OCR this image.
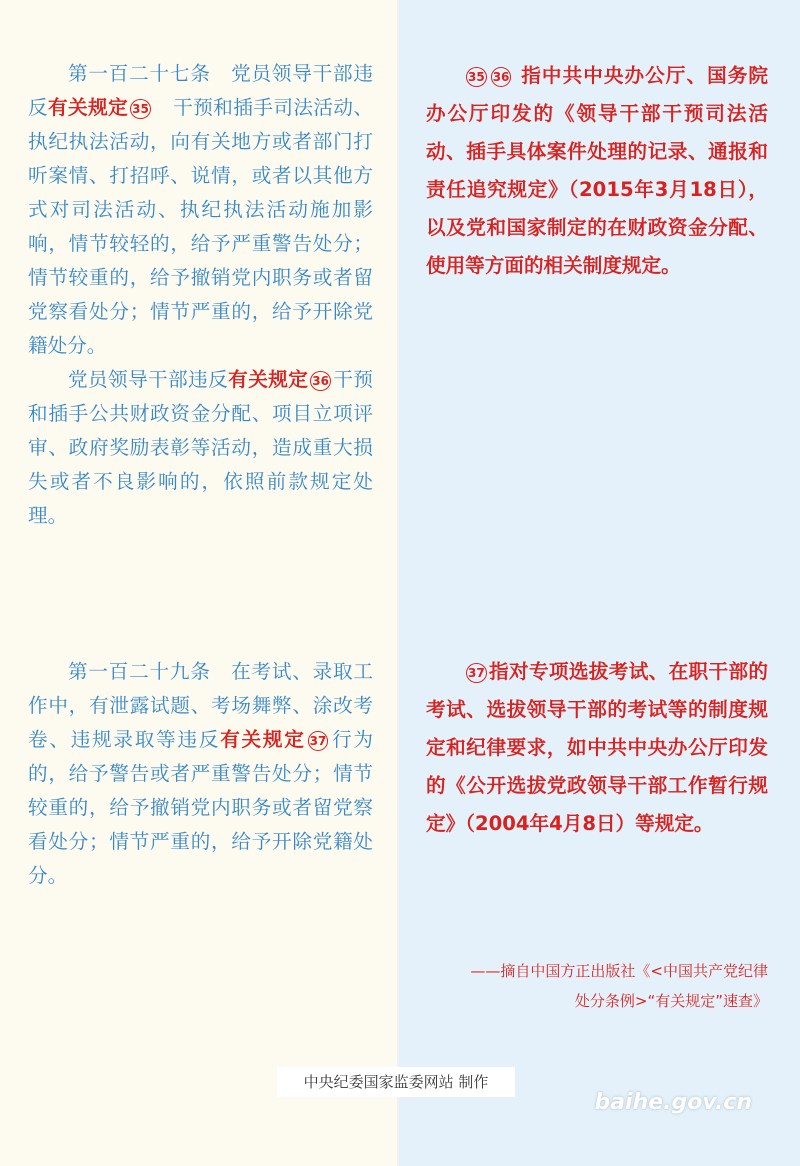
第一百二十七条　党员领导干部违反有关规定 35　干预和插手司法活动、执纪执法活动，向有关地方或者部门打听案情、打招呼、说情，或者以其他方式对司法活动、执纪执法活动施加影响，情节较轻的，给予严重警告处分；情节较重的，给予撤销党内职务或者留党察看处分；情节严重的，给予开除党籍处分。

党员领导干部违反有关规定 36 干预和插手公共财政资金分配、项目立项评审、政府奖励表彰等活动，造成重大损失或者不良影响的，依照前款规定处理。

35 36 指中共中央办公厅、国务院办公厅印发的《领导干部干预司法活动、插手具体案件处理的记录、通报和责任追究规定》（2015年3月18日），以及党和国家制定的在财政资金分配、使用等方面的相关制度规定。

第一百二十九条　在考试、录取工作中，有泄露试题、考场舞弊、涂改考卷、违规录取等违反有关规定 37 行为的，给予警告或者严重警告处分；情节较重的，给予撤销党内职务或者留党察看处分；情节严重的，给予开除党籍处分。

37 指对专项选拔考试、在职干部的考试、选拔领导干部的考试等的制度规定和纪律要求，如中共中央办公厅印发的《公开选拔党政领导干部工作暂行规定》（2004年4月8日）等规定。

——摘自中国方正出版社《<中国共产党纪律
处分条例>“有关规定”速查》
中央纪委国家监委网站 制作
baihe.gov.cn
